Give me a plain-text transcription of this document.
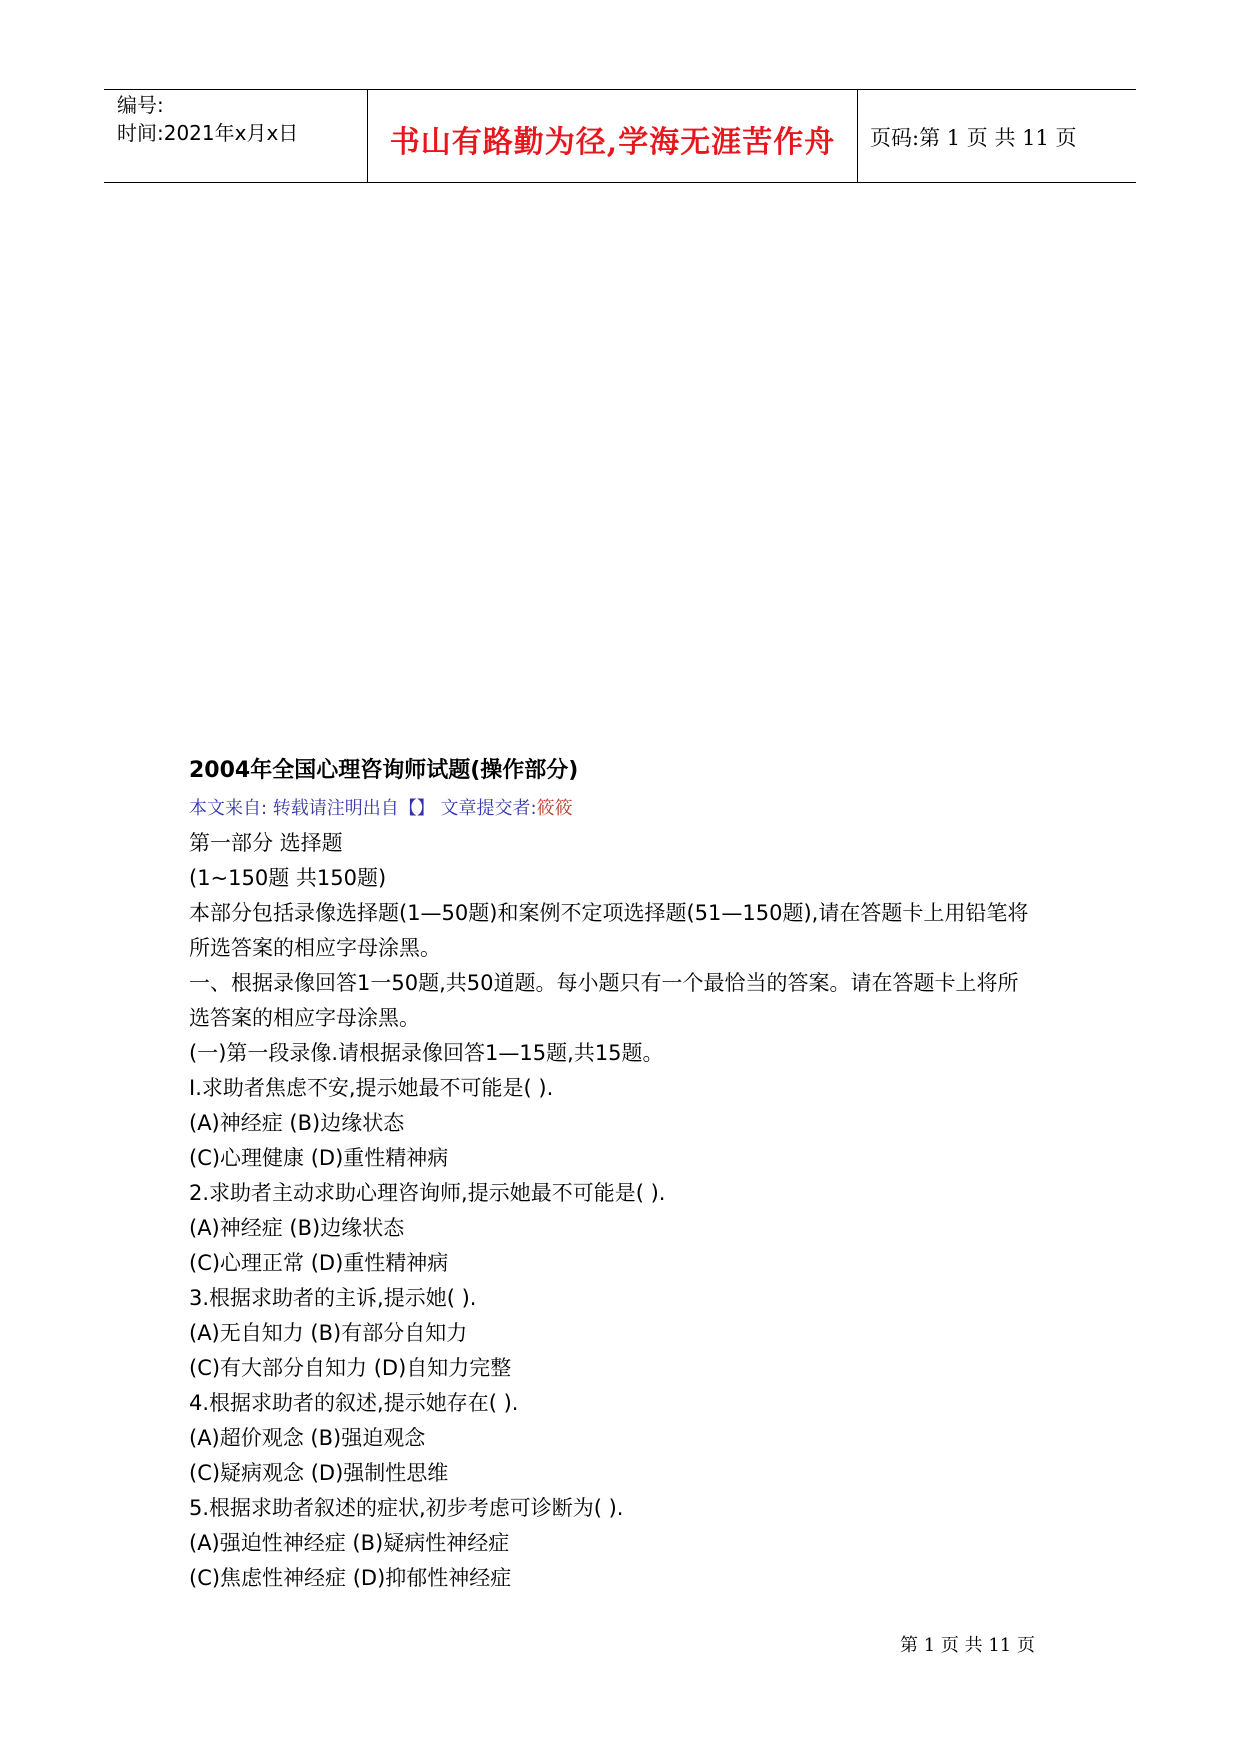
编号:
时间:2021年x月x日	书山有路勤为径,学海无涯苦作舟	页码:第 1 页 共 11 页
2004年全国心理咨询师试题(操作部分)
本文来自: 转载请注明出自【】 文章提交者:筱筱
第一部分 选择题
(1~150题 共150题)
本部分包括录像选择题(1—50题)和案例不定项选择题(51—150题),请在答题卡上用铅笔将
所选答案的相应字母涂黑。
一、根据录像回答1一50题,共50道题。每小题只有一个最恰当的答案。请在答题卡上将所
选答案的相应字母涂黑。
(一)第一段录像.请根据录像回答1—15题,共15题。
I.求助者焦虑不安,提示她最不可能是( ).
(A)神经症 (B)边缘状态
(C)心理健康 (D)重性精神病
2.求助者主动求助心理咨询师,提示她最不可能是( ).
(A)神经症 (B)边缘状态
(C)心理正常 (D)重性精神病
3.根据求助者的主诉,提示她( ).
(A)无自知力 (B)有部分自知力
(C)有大部分自知力 (D)自知力完整
4.根据求助者的叙述,提示她存在( ).
(A)超价观念 (B)强迫观念
(C)疑病观念 (D)强制性思维
5.根据求助者叙述的症状,初步考虑可诊断为( ).
(A)强迫性神经症 (B)疑病性神经症
(C)焦虑性神经症 (D)抑郁性神经症
第 1 页 共 11 页
